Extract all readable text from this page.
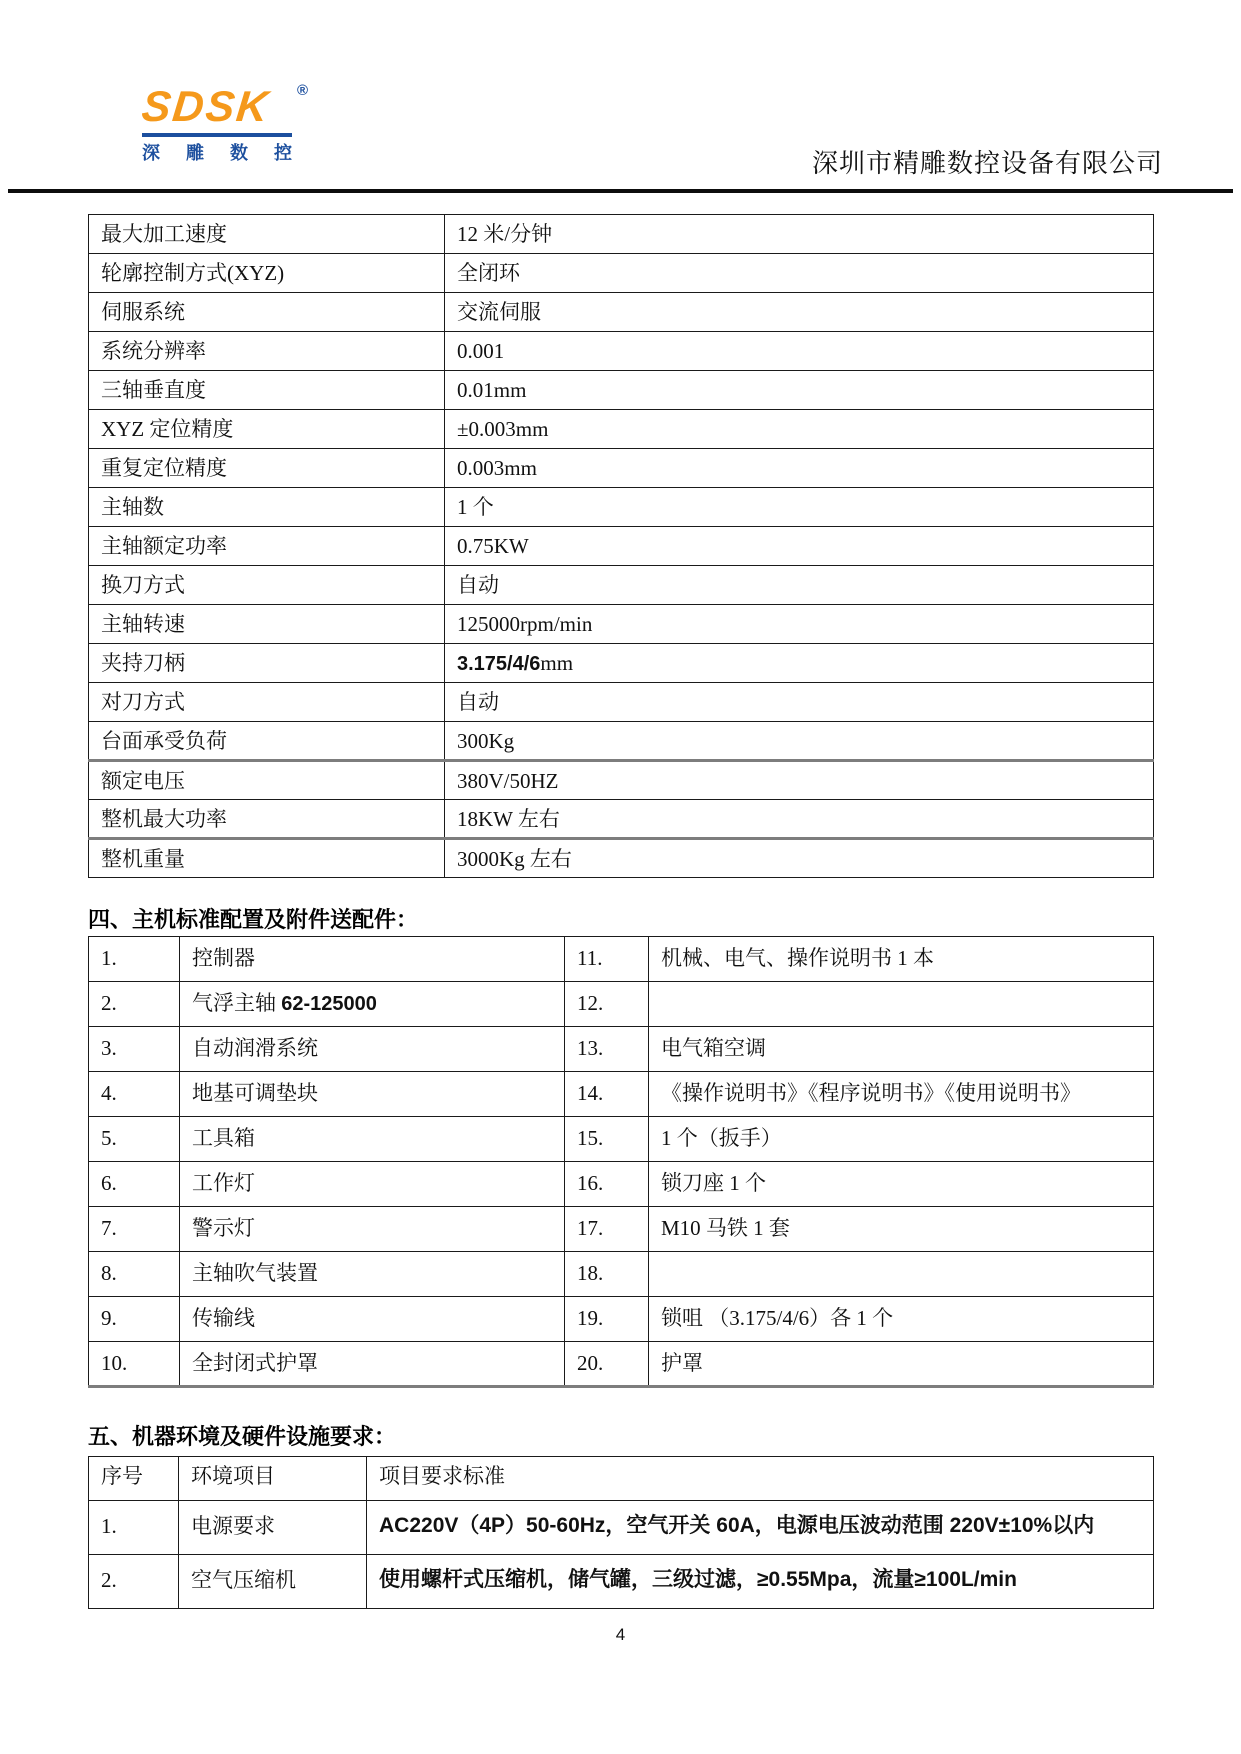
SDSK	®
深 雕 数 控	深圳市精雕数控设备有限公司
最大加工速度	12 米/分钟
轮廓控制方式(XYZ)	全闭环
伺服系统	交流伺服
系统分辨率	0.001
三轴垂直度	0.01mm
XYZ 定位精度	±0.003mm
重复定位精度	0.003mm
主轴数	1 个
主轴额定功率	0.75KW
换刀方式	自动
主轴转速	125000rpm/min
夹持刀柄	3.175/4/6mm
对刀方式	自动
台面承受负荷	300Kg
额定电压	380V/50HZ
整机最大功率	18KW 左右
整机重量	3000Kg 左右
四、主机标准配置及附件送配件：
1.	控制器	11.	机械、电气、操作说明书 1 本
2.	气浮主轴 62-125000	12.	
3.	自动润滑系统	13.	电气箱空调
4.	地基可调垫块	14.	《操作说明书》《程序说明书》《使用说明书》
5.	工具箱	15.	1 个（扳手）
6.	工作灯	16.	锁刀座 1 个
7.	警示灯	17.	M10 马铁 1 套
8.	主轴吹气装置	18.	
9.	传输线	19.	锁咀 （3.175/4/6）各 1 个
10.	全封闭式护罩	20.	护罩
五、机器环境及硬件设施要求：
序号	环境项目	项目要求标准
1.	电源要求	AC220V（4P）50-60Hz，空气开关 60A，电源电压波动范围 220V±10%以内
2.	空气压缩机	使用螺杆式压缩机，储气罐，三级过滤，≥0.55Mpa，流量≥100L/min
4
